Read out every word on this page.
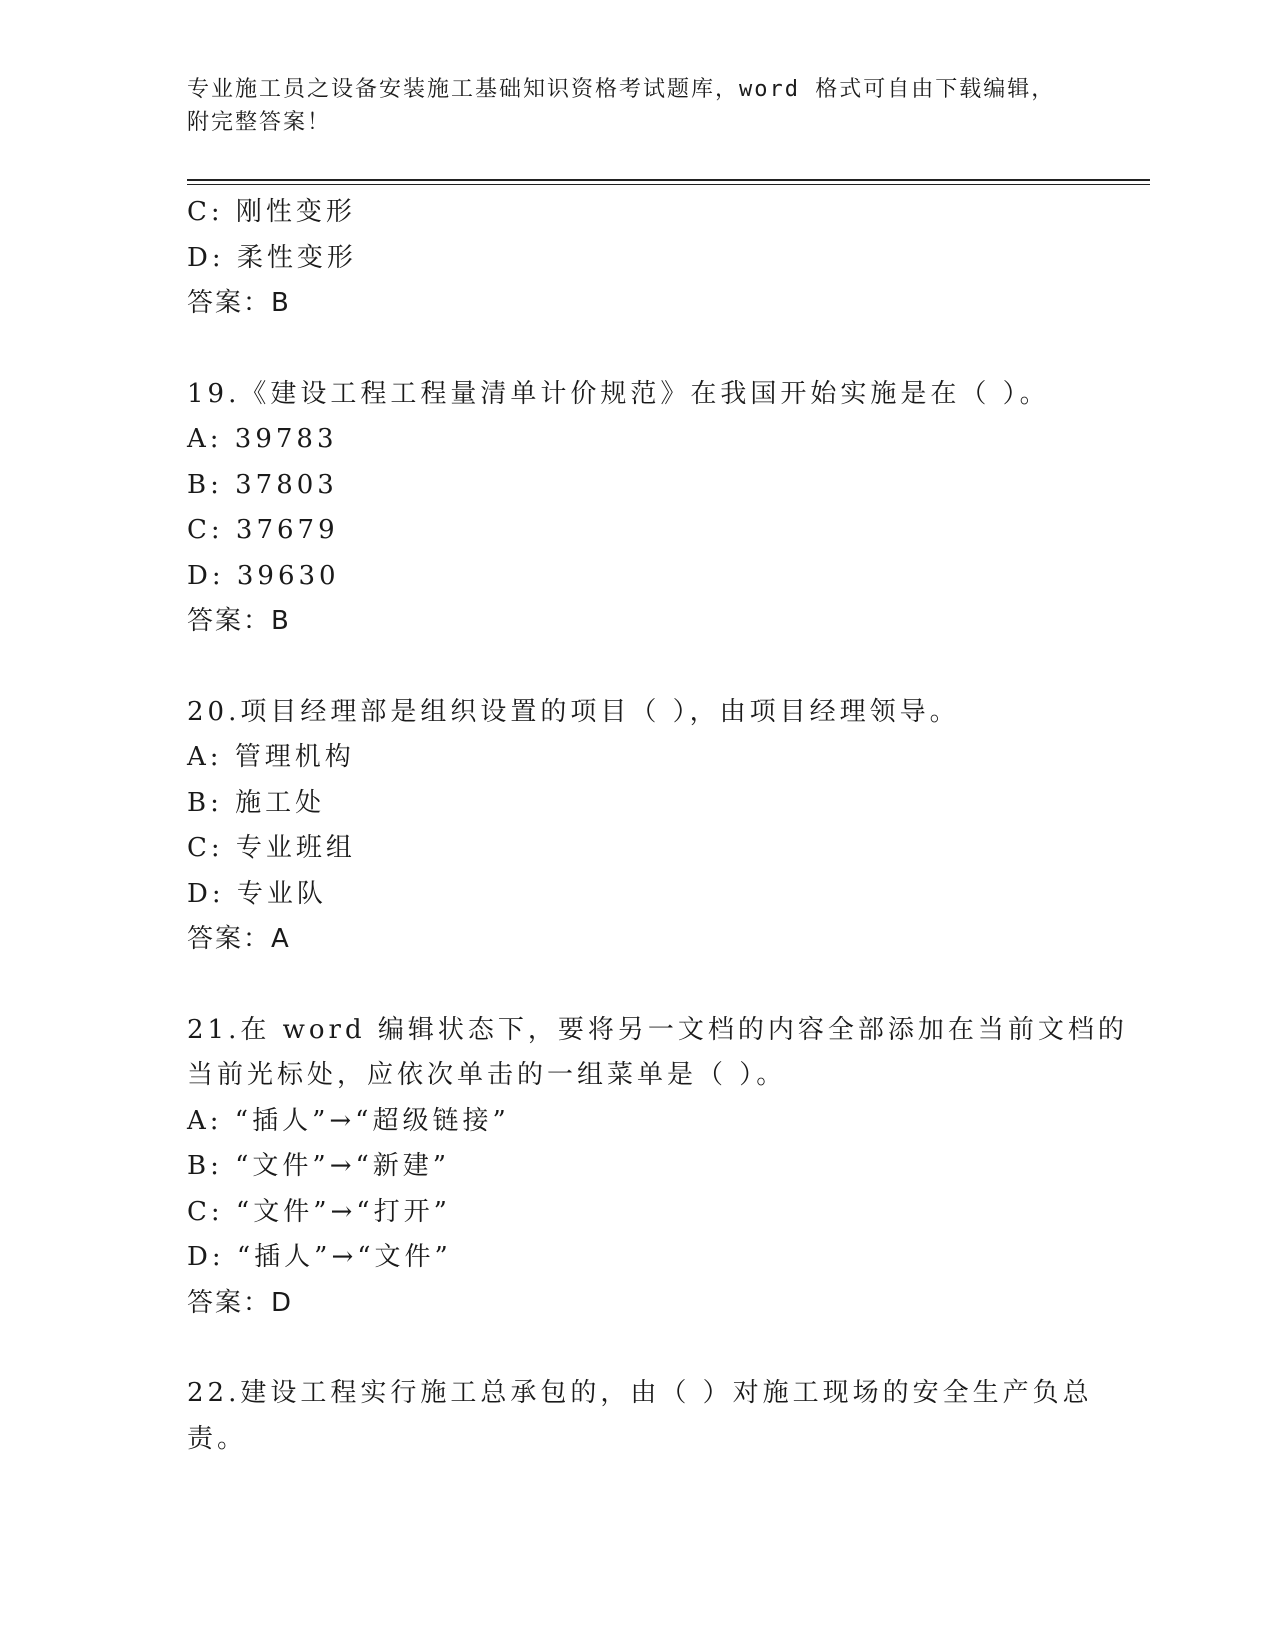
专业施工员之设备安装施工基础知识资格考试题库，word 格式可自由下载编辑，
附完整答案！
C: 刚性变形
D: 柔性变形
答案：B
19.《建设工程工程量清单计价规范》在我国开始实施是在（ ）。
A: 39783
B: 37803
C: 37679
D: 39630
答案：B
20.项目经理部是组织设置的项目（ ），由项目经理领导。
A: 管理机构
B: 施工处
C: 专业班组
D: 专业队
答案：A
21.在 word 编辑状态下，要将另一文档的内容全部添加在当前文档的
当前光标处，应依次单击的一组菜单是（ ）。
A: “插人”→“超级链接”
B: “文件”→“新建”
C: “文件”→“打开”
D: “插人”→“文件”
答案：D
22.建设工程实行施工总承包的，由（ ）对施工现场的安全生产负总
责。
